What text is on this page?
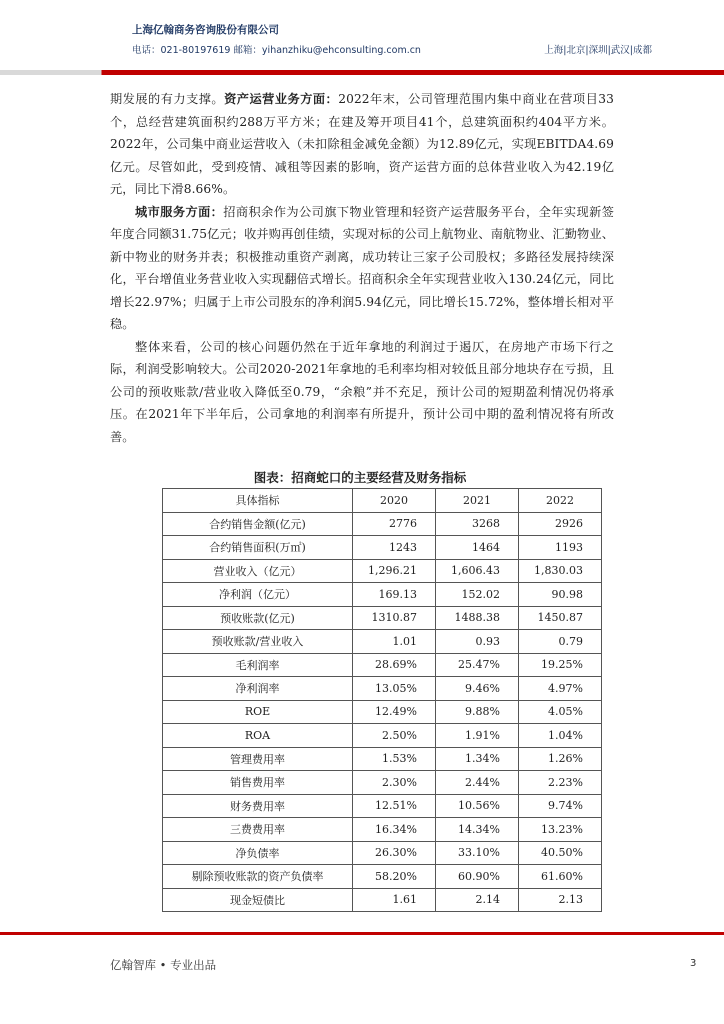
上海亿翰商务咨询股份有限公司
电话：021-80197619 邮箱：yihanzhiku@ehconsulting.com.cn	上海|北京|深圳|武汉|成都

期发展的有力支撑。资产运营业务方面：2022年末，公司管理范围内集中商业在营项目33个，总经营建筑面积约288万平方米；在建及筹开项目41个，总建筑面积约404平方米。2022年，公司集中商业运营收入（未扣除租金减免金额）为12.89亿元，实现EBITDA4.69亿元。尽管如此，受到疫情、减租等因素的影响，资产运营方面的总体营业收入为42.19亿元，同比下滑8.66%。

城市服务方面：招商积余作为公司旗下物业管理和轻资产运营服务平台，全年实现新签年度合同额31.75亿元；收并购再创佳绩，实现对标的公司上航物业、南航物业、汇勤物业、新中物业的财务并表；积极推动重资产剥离，成功转让三家子公司股权；多路径发展持续深化，平台增值业务营业收入实现翻倍式增长。招商积余全年实现营业收入130.24亿元，同比增长22.97%；归属于上市公司股东的净利润5.94亿元，同比增长15.72%，整体增长相对平稳。

整体来看，公司的核心问题仍然在于近年拿地的利润过于遏仄，在房地产市场下行之际，利润受影响较大。公司2020-2021年拿地的毛利率均相对较低且部分地块存在亏损，且公司的预收账款/营业收入降低至0.79，“余粮”并不充足，预计公司的短期盈利情况仍将承压。在2021年下半年后，公司拿地的利润率有所提升，预计公司中期的盈利情况将有所改善。

图表：招商蛇口的主要经营及财务指标
具体指标	2020	2021	2022
合约销售金额(亿元)	2776	3268	2926
合约销售面积(万㎡)	1243	1464	1193
营业收入（亿元）	1,296.21	1,606.43	1,830.03
净利润（亿元）	169.13	152.02	90.98
预收账款(亿元)	1310.87	1488.38	1450.87
预收账款/营业收入	1.01	0.93	0.79
毛利润率	28.69%	25.47%	19.25%
净利润率	13.05%	9.46%	4.97%
ROE	12.49%	9.88%	4.05%
ROA	2.50%	1.91%	1.04%
管理费用率	1.53%	1.34%	1.26%
销售费用率	2.30%	2.44%	2.23%
财务费用率	12.51%	10.56%	9.74%
三费费用率	16.34%	14.34%	13.23%
净负债率	26.30%	33.10%	40.50%
剔除预收账款的资产负债率	58.20%	60.90%	61.60%
现金短债比	1.61	2.14	2.13
亿翰智库 • 专业出品	3
